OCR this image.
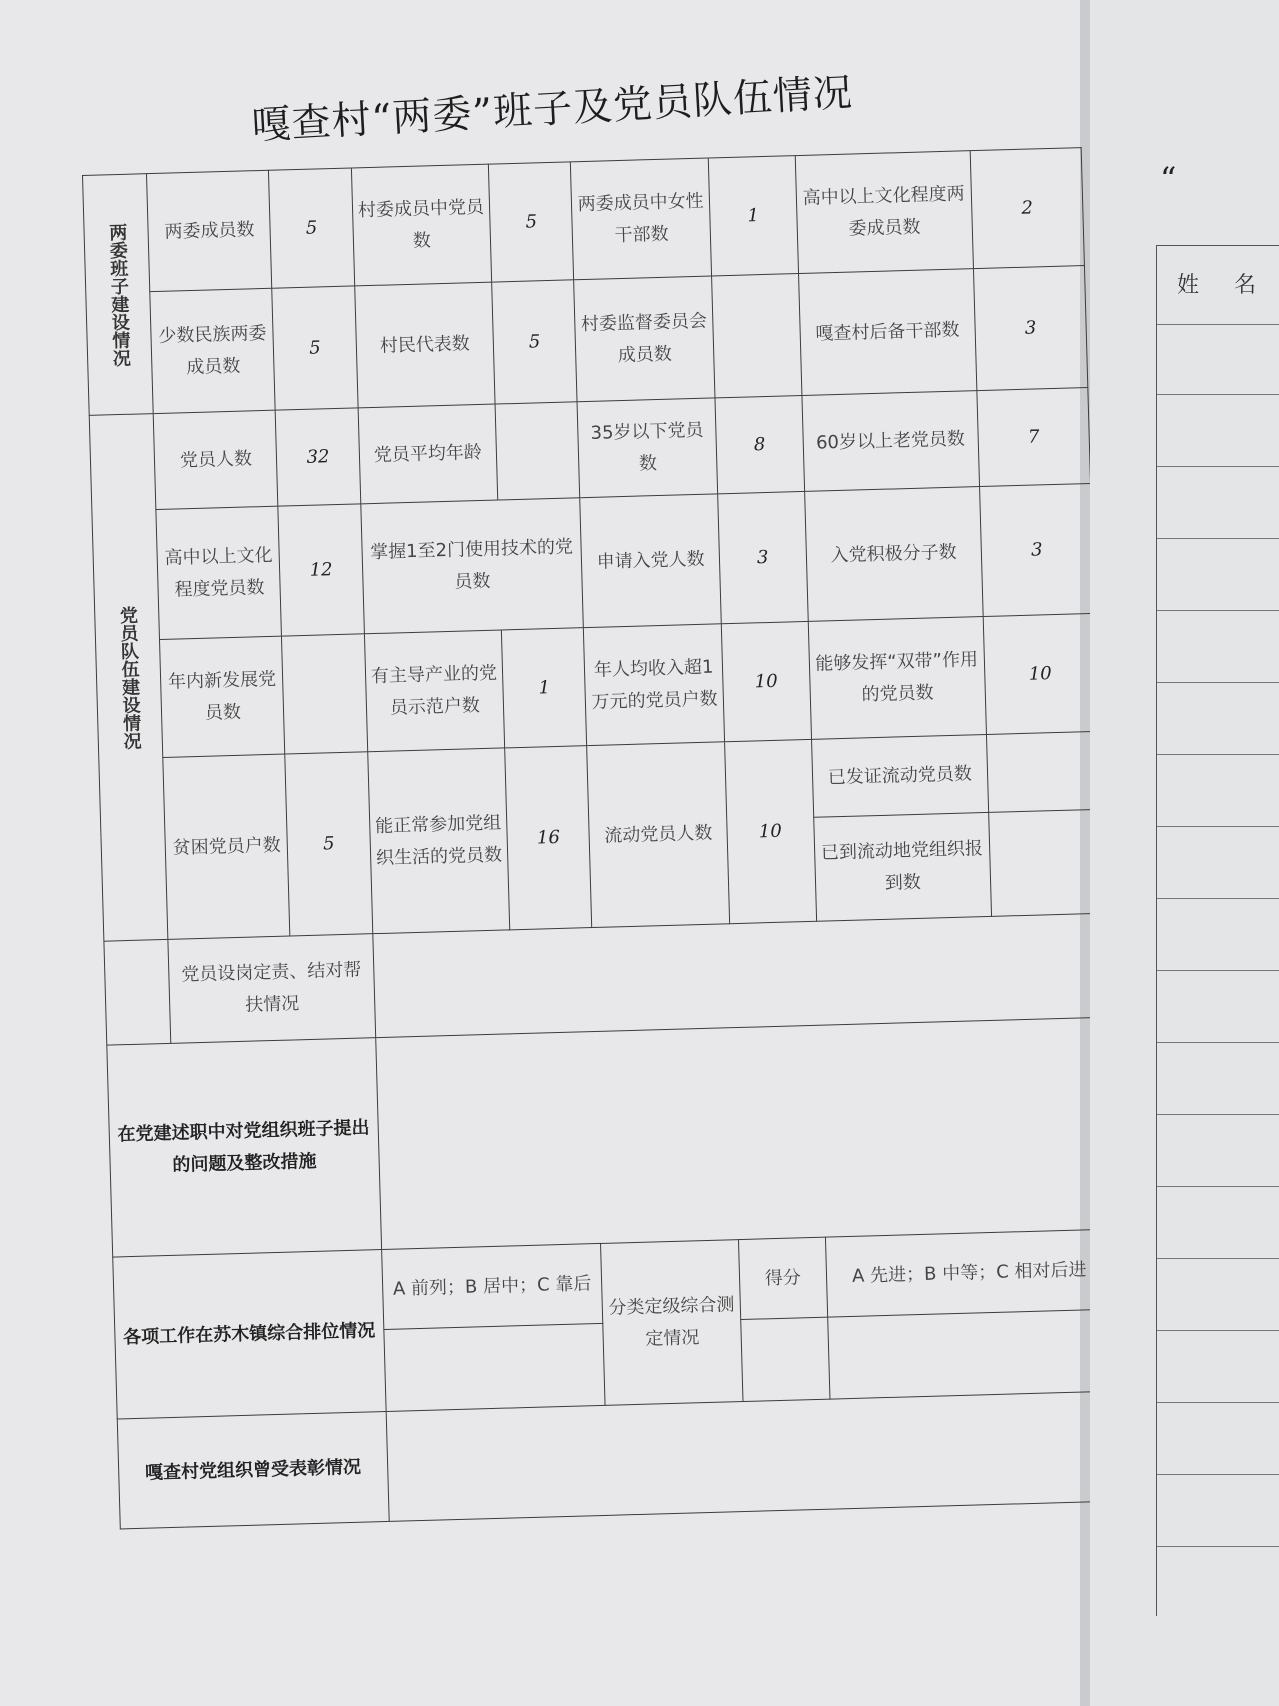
嘎查村“两委”班子及党员队伍情况
两委班子建设情况	两委成员数	5	村委成员中党员数	5	两委成员中女性干部数	1	高中以上文化程度两委成员数	2
	少数民族两委成员数	5	村民代表数	5	村委监督委员会成员数		嘎查村后备干部数	3
党员队伍建设情况	党员人数	32	党员平均年龄		35岁以下党员数	8	60岁以上老党员数	7
	高中以上文化程度党员数	12	掌握1至2门使用技术的党员数		申请入党人数	3	入党积极分子数	3
	年内新发展党员数		有主导产业的党员示范户数	1	年人均收入超1万元的党员户数	10	能够发挥“双带”作用的党员数	10
	贫困党员户数	5	能正常参加党组织生活的党员数	16	流动党员人数	10	已发证流动党员数	
							已到流动地党组织报到数	
	党员设岗定责、结对帮扶情况							
在党建述职中对党组织班子提出的问题及整改措施								
各项工作在苏木镇综合排位情况			A 前列；B 居中；C 靠后		分类定级综合测定情况	得分	A 先进；B 中等；C 相对后进	

嘎查村党组织曾受表彰情况								
“
姓 名
